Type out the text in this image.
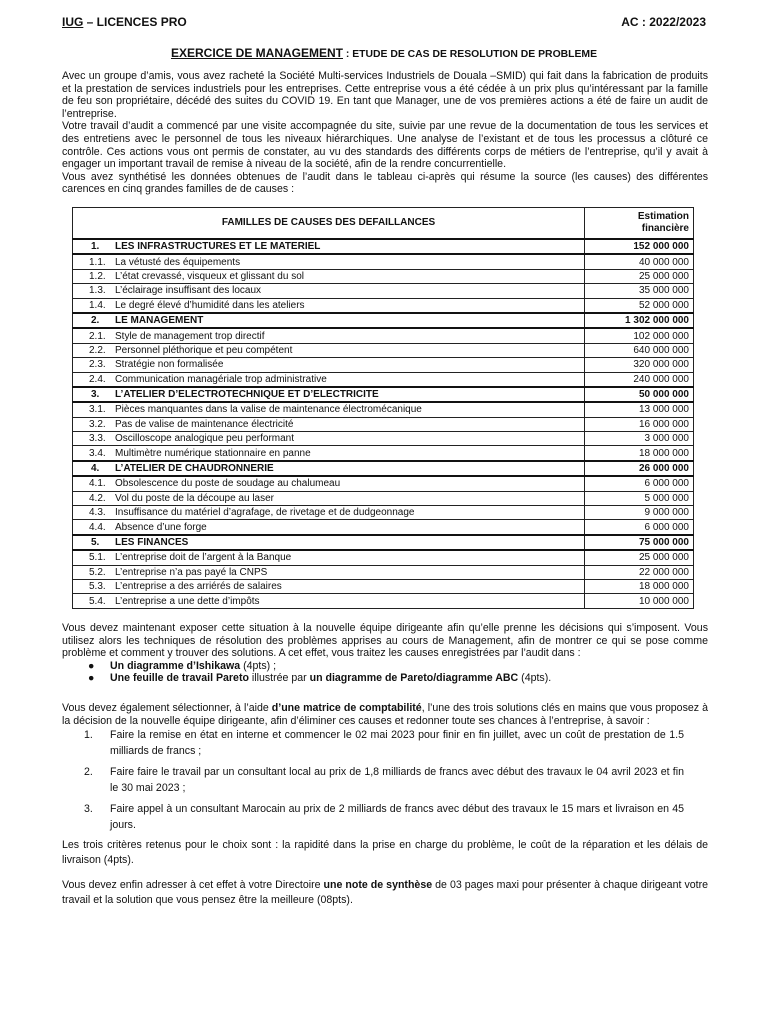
IUG – LICENCES PRO	AC : 2022/2023
EXERCICE DE MANAGEMENT : ETUDE DE CAS DE RESOLUTION DE PROBLEME

Avec un groupe d’amis, vous avez racheté la Société Multi-services Industriels de Douala –SMID) qui fait dans la fabrication de produits et la prestation de services industriels pour les entreprises. Cette entreprise vous a été cédée à un prix plus qu’intéressant par la famille de feu son propriétaire, décédé des suites du COVID 19. En tant que Manager, une de vos premières actions a été de faire un audit de l’entreprise.

Votre travail d’audit a commencé par une visite accompagnée du site, suivie par une revue de la documentation de tous les services et des entretiens avec le personnel de tous les niveaux hiérarchiques. Une analyse de l’existant et de tous les processus a clôturé ce contrôle. Ces actions vous ont permis de constater, au vu des standards des différents corps de métiers de l’entreprise, qu’il y avait à engager un important travail de remise à niveau de la société, afin de la rendre concurrentielle.

Vous avez synthétisé les données obtenues de l’audit dans le tableau ci-après qui résume la source (les causes) des différentes carences en cinq grandes familles de de causes :

FAMILLES DE CAUSES DES DEFAILLANCES	Estimation financière
1. LES INFRASTRUCTURES ET LE MATERIEL	152 000 000
1.1. La vétusté des équipements	40 000 000
1.2. L’état crevassé, visqueux et glissant du sol	25 000 000
1.3. L’éclairage insuffisant des locaux	35 000 000
1.4. Le degré élevé d’humidité dans les ateliers	52 000 000
2. LE MANAGEMENT	1 302 000 000
2.1. Style de management trop directif	102 000 000
2.2. Personnel pléthorique et peu compétent	640 000 000
2.3. Stratégie non formalisée	320 000 000
2.4. Communication managériale trop administrative	240 000 000
3. L’ATELIER D’ELECTROTECHNIQUE ET D’ELECTRICITE	50 000 000
3.1. Pièces manquantes dans la valise de maintenance électromécanique	13 000 000
3.2. Pas de valise de maintenance électricité	16 000 000
3.3. Oscilloscope analogique peu performant	3 000 000
3.4. Multimètre numérique stationnaire en panne	18 000 000
4. L’ATELIER DE CHAUDRONNERIE	26 000 000
4.1. Obsolescence du poste de soudage au chalumeau	6 000 000
4.2. Vol du poste de la découpe au laser	5 000 000
4.3. Insuffisance du matériel d’agrafage, de rivetage et de dudgeonnage	9 000 000
4.4. Absence d’une forge	6 000 000
5. LES FINANCES	75 000 000
5.1. L’entreprise doit de l’argent à la Banque	25 000 000
5.2. L’entreprise n’a pas payé la CNPS	22 000 000
5.3. L’entreprise a des arriérés de salaires	18 000 000
5.4. L’entreprise a une dette d’impôts	10 000 000

Vous devez maintenant exposer cette situation à la nouvelle équipe dirigeante afin qu’elle prenne les décisions qui s’imposent. Vous utilisez alors les techniques de résolution des problèmes apprises au cours de Management, afin de montrer ce qui se pose comme problème et comment y trouver des solutions. A cet effet, vous traitez les causes enregistrées par l’audit dans :

● Un diagramme d’Ishikawa (4pts) ;
● Une feuille de travail Pareto illustrée par un diagramme de Pareto/diagramme ABC (4pts).

Vous devez également sélectionner, à l’aide d’une matrice de comptabilité, l’une des trois solutions clés en mains que vous proposez à la décision de la nouvelle équipe dirigeante, afin d’éliminer ces causes et redonner toute ses chances à l’entreprise, à savoir :

1. Faire la remise en état en interne et commencer le 02 mai 2023 pour finir en fin juillet, avec un coût de prestation de 1.5 milliards de francs ;
2. Faire faire le travail par un consultant local au prix de 1,8 milliards de francs avec début des travaux le 04 avril 2023 et fin le 30 mai 2023 ;
3. Faire appel à un consultant Marocain au prix de 2 milliards de francs avec début des travaux le 15 mars et livraison en 45 jours.

Les trois critères retenus pour le choix sont : la rapidité dans la prise en charge du problème, le coût de la réparation et les délais de livraison (4pts).

Vous devez enfin adresser à cet effet à votre Directoire une note de synthèse de 03 pages maxi pour présenter à chaque dirigeant votre travail et la solution que vous pensez être la meilleure (08pts).
